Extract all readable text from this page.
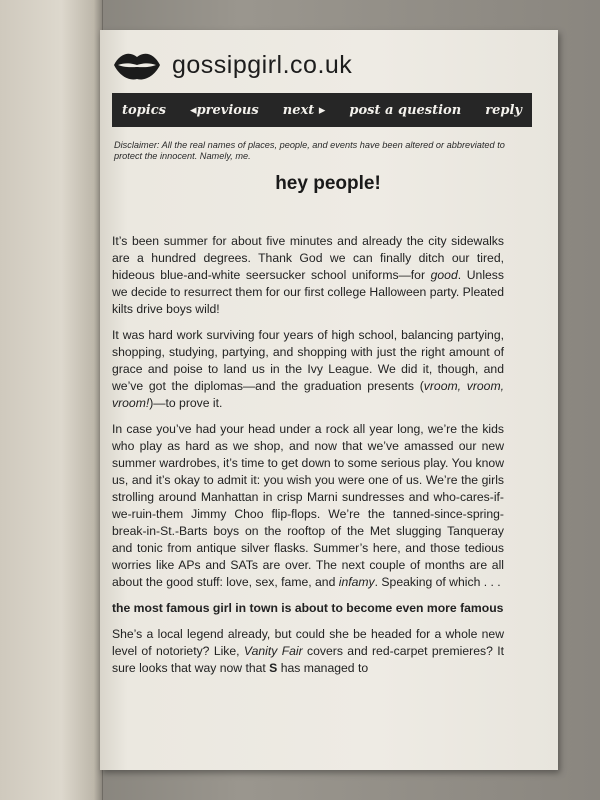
gossipgirl.co.uk
topics ◂previous next ▸ post a question reply
Disclaimer: All the real names of places, people, and events have been altered or abbreviated to protect the innocent. Namely, me.
hey people!

It’s been summer for about five minutes and already the city sidewalks are a hundred degrees. Thank God we can finally ditch our tired, hideous blue-and-white seersucker school uniforms—for good. Unless we decide to resurrect them for our first college Halloween party. Pleated kilts drive boys wild!

It was hard work surviving four years of high school, balancing partying, shopping, studying, partying, and shopping with just the right amount of grace and poise to land us in the Ivy League. We did it, though, and we’ve got the diplomas—and the graduation presents (vroom, vroom, vroom!)—to prove it.

In case you’ve had your head under a rock all year long, we’re the kids who play as hard as we shop, and now that we’ve amassed our new summer wardrobes, it’s time to get down to some serious play. You know us, and it’s okay to admit it: you wish you were one of us. We’re the girls strolling around Manhattan in crisp Marni sundresses and who-cares-if-we-ruin-them Jimmy Choo flip-flops. We’re the tanned-since-spring-break-in-St.-Barts boys on the rooftop of the Met slugging Tanqueray and tonic from antique silver flasks. Summer’s here, and those tedious worries like APs and SATs are over. The next couple of months are all about the good stuff: love, sex, fame, and infamy. Speaking of which . . .

the most famous girl in town is about to become even more famous

She’s a local legend already, but could she be headed for a whole new level of notoriety? Like, Vanity Fair covers and red-carpet premieres? It sure looks that way now that S has managed to
